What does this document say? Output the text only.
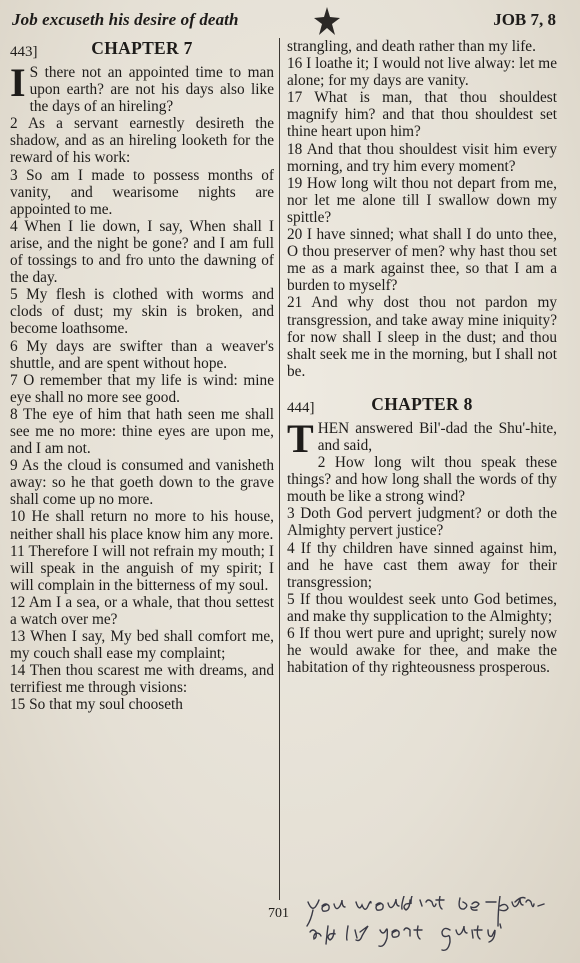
Job excuseth his desire of death	JOB 7, 8
443]	CHAPTER 7
I S there not an appointed time to man upon earth? are not his days also like the days of an hireling?
2 As a servant earnestly desireth the shadow, and as an hireling looketh for the reward of his work:
3 So am I made to possess months of vanity, and wearisome nights are appointed to me.
4 When I lie down, I say, When shall I arise, and the night be gone? and I am full of tossings to and fro unto the dawning of the day.
5 My flesh is clothed with worms and clods of dust; my skin is broken, and become loathsome.
6 My days are swifter than a weaver's shuttle, and are spent without hope.
7 O remember that my life is wind: mine eye shall no more see good.
8 The eye of him that hath seen me shall see me no more: thine eyes are upon me, and I am not.
9 As the cloud is consumed and vanisheth away: so he that goeth down to the grave shall come up no more.
10 He shall return no more to his house, neither shall his place know him any more.
11 Therefore I will not refrain my mouth; I will speak in the anguish of my spirit; I will complain in the bitterness of my soul.
12 Am I a sea, or a whale, that thou settest a watch over me?
13 When I say, My bed shall comfort me, my couch shall ease my complaint;
14 Then thou scarest me with dreams, and terrifiest me through visions:
15 So that my soul chooseth
strangling, and death rather than my life.
16 I loathe it; I would not live alway: let me alone; for my days are vanity.
17 What is man, that thou shouldest magnify him? and that thou shouldest set thine heart upon him?
18 And that thou shouldest visit him every morning, and try him every moment?
19 How long wilt thou not depart from me, nor let me alone till I swallow down my spittle?
20 I have sinned; what shall I do unto thee, O thou preserver of men? why hast thou set me as a mark against thee, so that I am a burden to myself?
21 And why dost thou not pardon my transgression, and take away mine iniquity? for now shall I sleep in the dust; and thou shalt seek me in the morning, but I shall not be.
444]	CHAPTER 8
T HEN answered Bil'-dad the Shu'-hite, and said,
2 How long wilt thou speak these things? and how long shall the words of thy mouth be like a strong wind?
3 Doth God pervert judgment? or doth the Almighty pervert justice?
4 If thy children have sinned against him, and he have cast them away for their transgression;
5 If thou wouldest seek unto God betimes, and make thy supplication to the Almighty;
6 If thou wert pure and upright; surely now he would awake for thee, and make the habitation of thy righteousness prosperous.
701
